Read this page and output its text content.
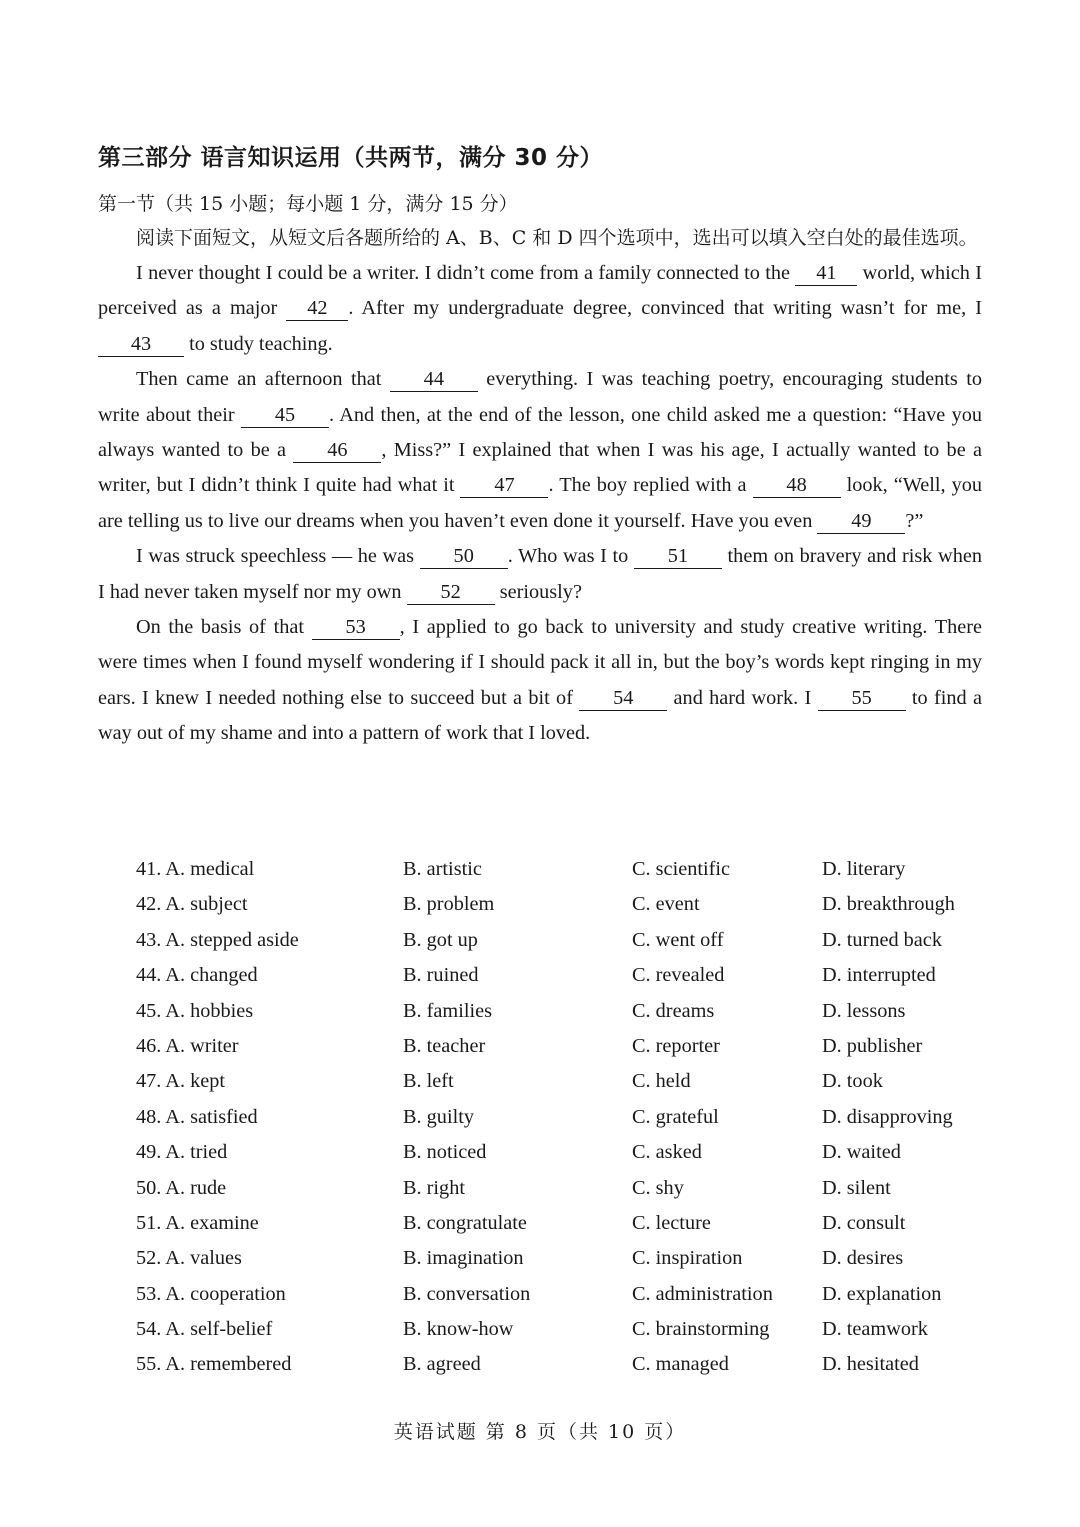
第三部分 语言知识运用（共两节，满分 30 分）
第一节（共 15 小题；每小题 1 分，满分 15 分）

阅读下面短文，从短文后各题所给的 A、B、C 和 D 四个选项中，选出可以填入空白处的最佳选项。

I never thought I could be a writer. I didn’t come from a family connected to the 41 world, which I perceived as a major 42 . After my undergraduate degree, convinced that writing wasn’t for me, I 43 to study teaching.

Then came an afternoon that 44 everything. I was teaching poetry, encouraging students to write about their 45 . And then, at the end of the lesson, one child asked me a question: “Have you always wanted to be a 46 , Miss?” I explained that when I was his age, I actually wanted to be a writer, but I didn’t think I quite had what it 47 . The boy replied with a 48 look, “Well, you are telling us to live our dreams when you haven’t even done it yourself. Have you even 49 ?”

I was struck speechless — he was 50 . Who was I to 51 them on bravery and risk when I had never taken myself nor my own 52 seriously?

On the basis of that 53 , I applied to go back to university and study creative writing. There were times when I found myself wondering if I should pack it all in, but the boy’s words kept ringing in my ears. I knew I needed nothing else to succeed but a bit of 54 and hard work. I 55 to find a way out of my shame and into a pattern of work that I loved.

41. A. medical	B. artistic	C. scientific	D. literary
42. A. subject	B. problem	C. event	D. breakthrough
43. A. stepped aside	B. got up	C. went off	D. turned back
44. A. changed	B. ruined	C. revealed	D. interrupted
45. A. hobbies	B. families	C. dreams	D. lessons
46. A. writer	B. teacher	C. reporter	D. publisher
47. A. kept	B. left	C. held	D. took
48. A. satisfied	B. guilty	C. grateful	D. disapproving
49. A. tried	B. noticed	C. asked	D. waited
50. A. rude	B. right	C. shy	D. silent
51. A. examine	B. congratulate	C. lecture	D. consult
52. A. values	B. imagination	C. inspiration	D. desires
53. A. cooperation	B. conversation	C. administration D. explanation
54. A. self-belief	B. know-how	C. brainstorming	D. teamwork
55. A. remembered	B. agreed	C. managed	D. hesitated
英语试题 第 8 页（共 10 页）
